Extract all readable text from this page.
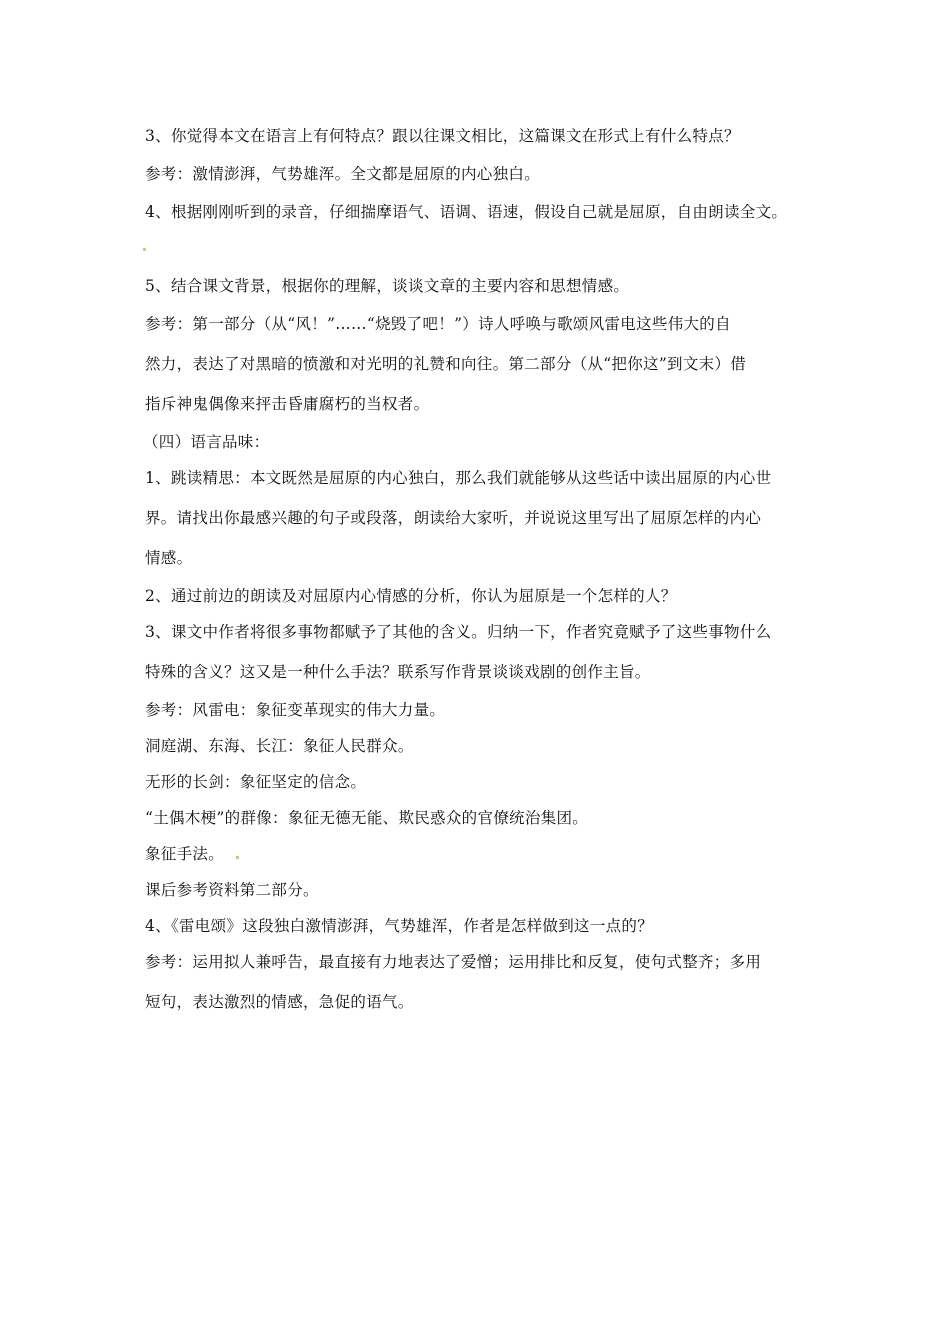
3、你觉得本文在语言上有何特点？跟以往课文相比，这篇课文在形式上有什么特点？
参考：激情澎湃，气势雄浑。全文都是屈原的内心独白。
4、根据刚刚听到的录音，仔细揣摩语气、语调、语速，假设自己就是屈原，自由朗读全文。
5、结合课文背景，根据你的理解，谈谈文章的主要内容和思想情感。
参考：第一部分（从“风！”……“烧毁了吧！”）诗人呼唤与歌颂风雷电这些伟大的自
然力，表达了对黑暗的愤激和对光明的礼赞和向往。第二部分（从“把你这”到文末）借
指斥神鬼偶像来抨击昏庸腐朽的当权者。
（四）语言品味：
1、跳读精思：本文既然是屈原的内心独白，那么我们就能够从这些话中读出屈原的内心世
界。请找出你最感兴趣的句子或段落，朗读给大家听，并说说这里写出了屈原怎样的内心
情感。
2、通过前边的朗读及对屈原内心情感的分析，你认为屈原是一个怎样的人？
3、课文中作者将很多事物都赋予了其他的含义。归纳一下，作者究竟赋予了这些事物什么
特殊的含义？这又是一种什么手法？联系写作背景谈谈戏剧的创作主旨。
参考：风雷电：象征变革现实的伟大力量。
洞庭湖、东海、长江：象征人民群众。
无形的长剑：象征坚定的信念。
“土偶木梗”的群像：象征无德无能、欺民惑众的官僚统治集团。
象征手法。
课后参考资料第二部分。
4、《雷电颂》这段独白激情澎湃，气势雄浑，作者是怎样做到这一点的？
参考：运用拟人兼呼告，最直接有力地表达了爱憎；运用排比和反复，使句式整齐；多用
短句，表达激烈的情感，急促的语气。
